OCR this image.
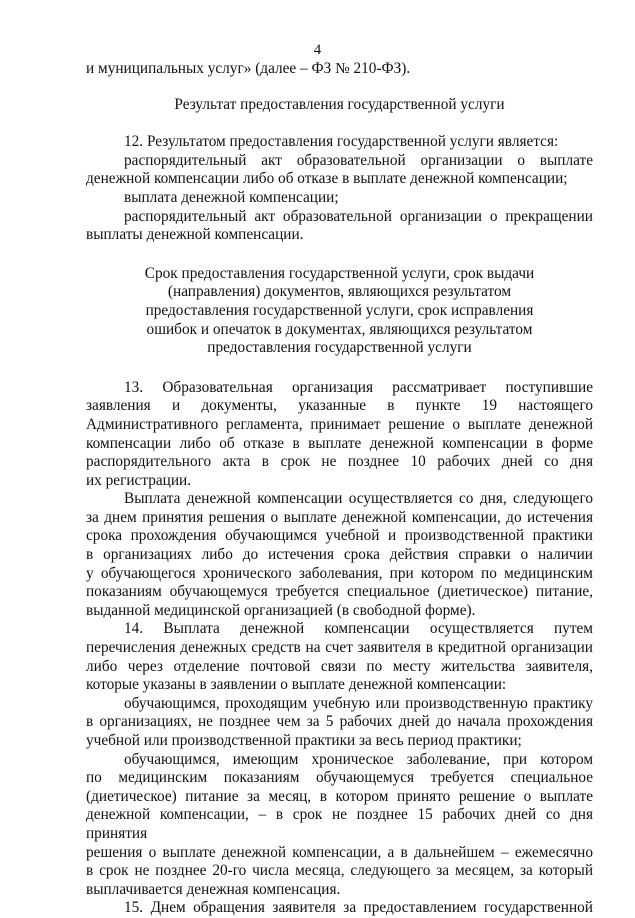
4

и муниципальных услуг» (далее – ФЗ № 210-ФЗ).

Результат предоставления государственной услуги

12. Результатом предоставления государственной услуги является:

распорядительный акт образовательной организации о выплате

денежной компенсации либо об отказе в выплате денежной компенсации;

выплата денежной компенсации;

распорядительный акт образовательной организации о прекращении

выплаты денежной компенсации.

Срок предоставления государственной услуги, срок выдачи

(направления) документов, являющихся результатом

предоставления государственной услуги, срок исправления

ошибок и опечаток в документах, являющихся результатом

предоставления государственной услуги

13. Образовательная организация рассматривает поступившие

заявления и документы, указанные в пункте 19 настоящего

Административного регламента, принимает решение о выплате денежной

компенсации либо об отказе в выплате денежной компенсации в форме

распорядительного акта в срок не позднее 10 рабочих дней со дня

их регистрации.

Выплата денежной компенсации осуществляется со дня, следующего

за днем принятия решения о выплате денежной компенсации, до истечения

срока прохождения обучающимся учебной и производственной практики

в организациях либо до истечения срока действия справки о наличии

у обучающегося хронического заболевания, при котором по медицинским

показаниям обучающемуся требуется специальное (диетическое) питание,

выданной медицинской организацией (в свободной форме).

14. Выплата денежной компенсации осуществляется путем

перечисления денежных средств на счет заявителя в кредитной организации

либо через отделение почтовой связи по месту жительства заявителя,

которые указаны в заявлении о выплате денежной компенсации:

обучающимся, проходящим учебную или производственную практику

в организациях, не позднее чем за 5 рабочих дней до начала прохождения

учебной или производственной практики за весь период практики;

обучающимся, имеющим хроническое заболевание, при котором

по медицинским показаниям обучающемуся требуется специальное

(диетическое) питание за месяц, в котором принято решение о выплате

денежной компенсации, – в срок не позднее 15 рабочих дней со дня принятия

решения о выплате денежной компенсации, а в дальнейшем – ежемесячно

в срок не позднее 20-го числа месяца, следующего за месяцем, за который

выплачивается денежная компенсация.

15. Днем обращения заявителя за предоставлением государственной
